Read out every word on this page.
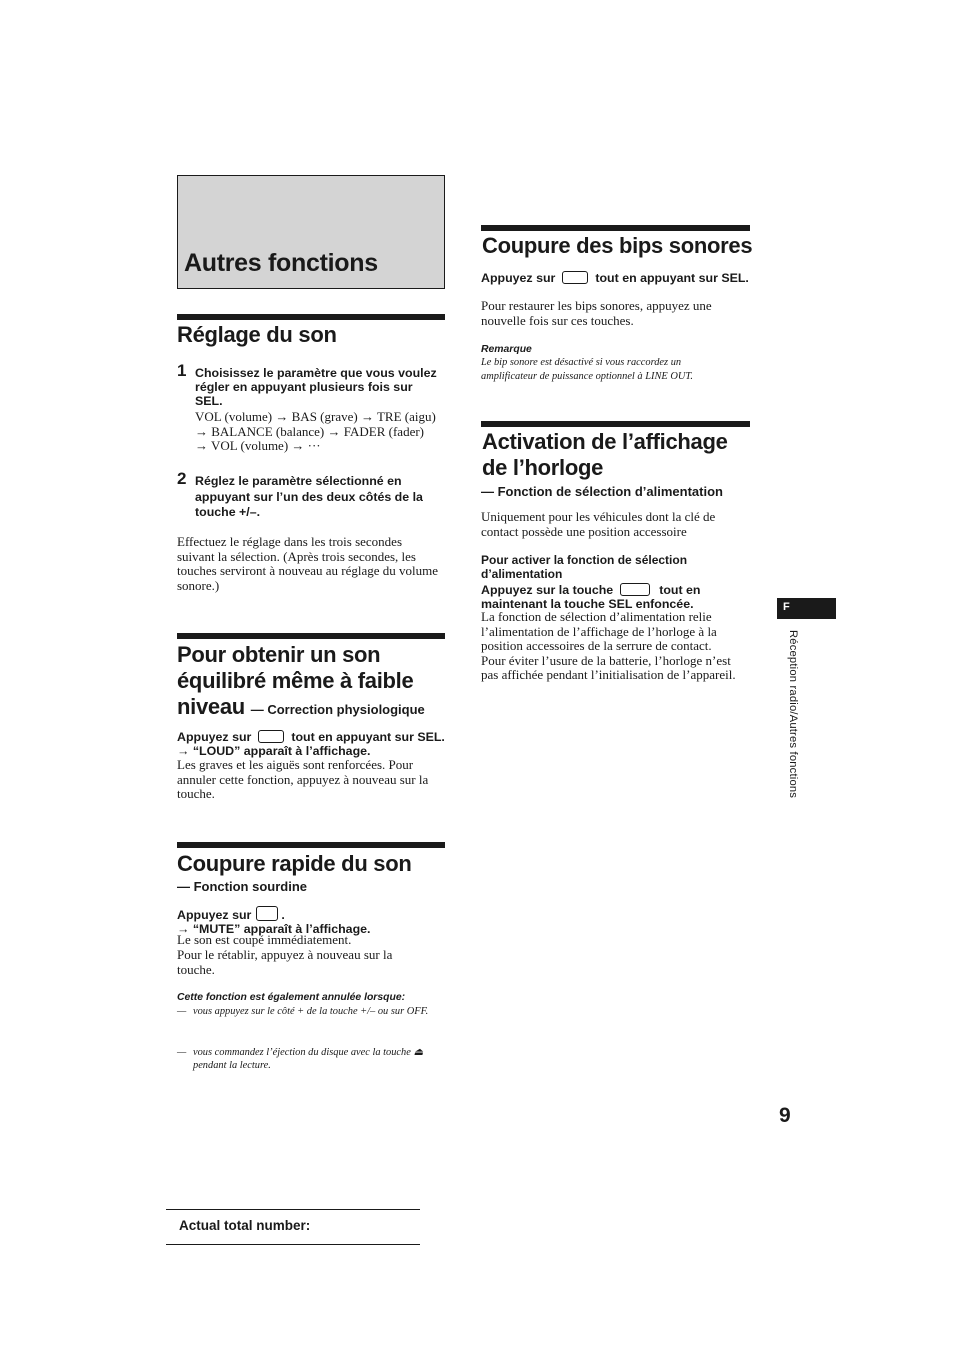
Autres fonctions
Réglage du son
1 Choisissez le paramètre que vous voulez régler en appuyant plusieurs fois sur SEL.
VOL (volume) → BAS (grave) → TRE (aigu) → BALANCE (balance) → FADER (fader) → VOL (volume) → ···
2 Réglez le paramètre sélectionné en appuyant sur l’un des deux côtés de la touche +/–.
Effectuez le réglage dans les trois secondes suivant la sélection. (Après trois secondes, les touches serviront à nouveau au réglage du volume sonore.)
Pour obtenir un son équilibré même à faible niveau — Correction physiologique
Appuyez sur	tout en appuyant sur SEL. → “LOUD” apparaît à l’affichage.
Les graves et les aiguës sont renforcées. Pour annuler cette fonction, appuyez à nouveau sur la touche.
Coupure rapide du son
— Fonction sourdine
Appuyez sur .
→ “MUTE” apparaît à l’affichage.
Le son est coupé immédiatement.
Pour le rétablir, appuyez à nouveau sur la touche.
Cette fonction est également annulée lorsque:
— vous appuyez sur le côté + de la touche +/– ou sur OFF.
— vous commandez l’éjection du disque avec la touche ⏏ pendant la lecture.
Coupure des bips sonores
Appuyez sur	tout en appuyant sur SEL.
Pour restaurer les bips sonores, appuyez une nouvelle fois sur ces touches.
Remarque
Le bip sonore est désactivé si vous raccordez un amplificateur de puissance optionnel à LINE OUT.
Activation de l’affichage de l’horloge
— Fonction de sélection d’alimentation
Uniquement pour les véhicules dont la clé de contact possède une position accessoire
Pour activer la fonction de sélection d’alimentation
Appuyez sur la touche	tout en maintenant la touche SEL enfoncée.
La fonction de sélection d’alimentation relie l’alimentation de l’affichage de l’horloge à la position accessoires de la serrure de contact. Pour éviter l’usure de la batterie, l’horloge n’est pas affichée pendant l’initialisation de l’appareil.
F
Réception radio/Autres fonctions
9
Actual total number:
